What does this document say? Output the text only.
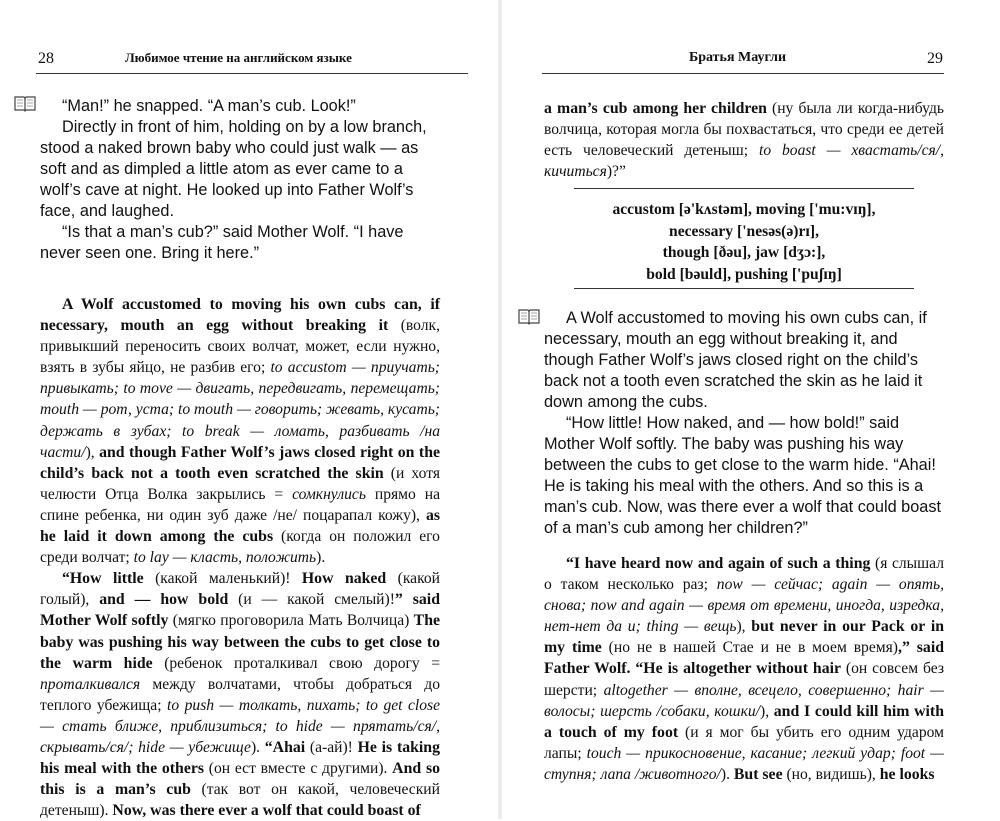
28	Любимое чтение на английском языке

“Man!” he snapped. “A man’s cub. Look!”

Directly in front of him, holding on by a low branch, stood a naked brown baby who could just walk — as soft and as dimpled a little atom as ever came to a wolf’s cave at night. He looked up into Father Wolf’s face, and laughed.

“Is that a man’s cub?” said Mother Wolf. “I have never seen one. Bring it here.”

A Wolf accustomed to moving his own cubs can, if necessary, mouth an egg without breaking it (волк, привыкший переносить своих волчат, может, если нужно, взять в зубы яйцо, не разбив его; to accustom — приучать; привыкать; to move — двигать, передвигать, перемещать; mouth — рот, уста; to mouth — говорить; жевать, кусать; держать в зубах; to break — ломать, разбивать /на части/), and though Father Wolf’s jaws closed right on the child’s back not a tooth even scratched the skin (и хотя челюсти Отца Волка закрылись = сомкнулись прямо на спине ребенка, ни один зуб даже /не/ поцарапал кожу), as he laid it down among the cubs (когда он положил его среди волчат; to lay — класть, положить).

“How little (какой маленький)! How naked (какой голый), and — how bold (и — какой смелый)!” said Mother Wolf softly (мягко проговорила Мать Волчица) The baby was pushing his way between the cubs to get close to the warm hide (ребенок проталкивал свою дорогу = проталкивался между волчатами, чтобы добраться до теплого убежища; to push — толкать, пихать; to get close — стать ближе, приблизиться; to hide — прятать/ся/, скрывать/ся/; hide — убежище). “Ahai (а-ай)! He is taking his meal with the others (он ест вместе с другими). And so this is a man’s cub (так вот он какой, человеческий детеныш). Now, was there ever a wolf that could boast of

Братья Маугли	29

a man’s cub among her children (ну была ли когда-нибудь волчица, которая могла бы похвастаться, что среди ее детей есть человеческий детеныш; to boast — хвастать/ся/, кичиться)?”

accustom [ə'kʌstəm], moving ['mu:vɪŋ],
necessary ['nesəs(ə)rɪ],
though [ðəu], jaw [dʒɔ:],
bold [bəuld], pushing ['puʃɪŋ]

A Wolf accustomed to moving his own cubs can, if necessary, mouth an egg without breaking it, and though Father Wolf’s jaws closed right on the child’s back not a tooth even scratched the skin as he laid it down among the cubs.

“How little! How naked, and — how bold!” said Mother Wolf softly. The baby was pushing his way between the cubs to get close to the warm hide. “Ahai! He is taking his meal with the others. And so this is a man’s cub. Now, was there ever a wolf that could boast of a man’s cub among her children?”

“I have heard now and again of such a thing (я слышал о таком несколько раз; now — сейчас; again — опять, снова; now and again — время от времени, иногда, изредка, нет-нет да и; thing — вещь), but never in our Pack or in my time (но не в нашей Стае и не в моем время),” said Father Wolf. “He is altogether without hair (он совсем без шерсти; altogether — вполне, всецело, совершенно; hair — волосы; шерсть /собаки, кошки/), and I could kill him with a touch of my foot (и я мог бы убить его одним ударом лапы; touch — прикосновение, касание; легкий удар; foot — ступня; лапа /животного/). But see (но, видишь), he looks
